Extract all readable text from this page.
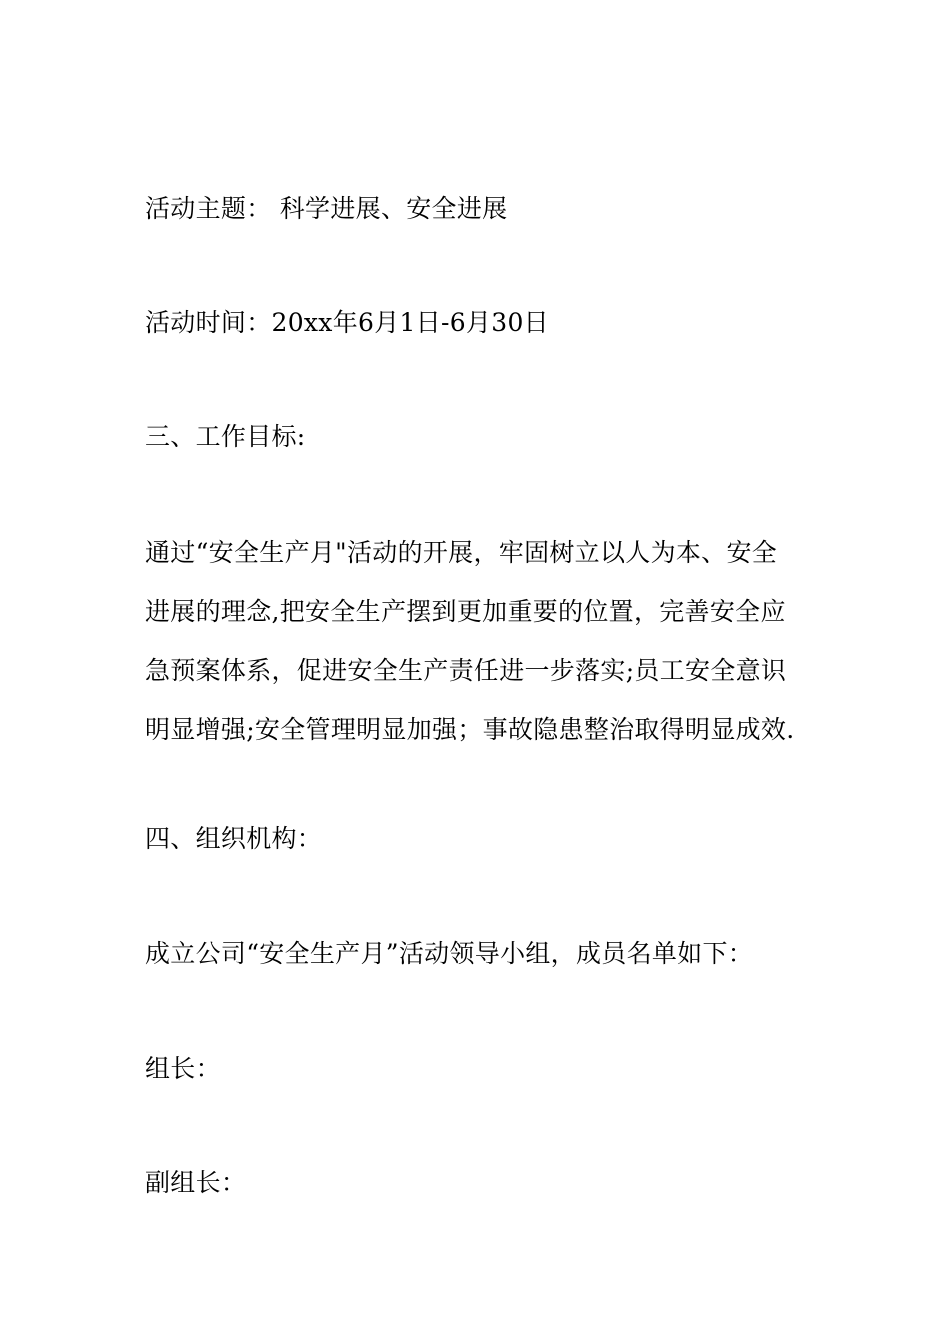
活动主题： 科学进展、安全进展
活动时间：20xx年6月1日-6月30日
三、工作目标:
通过“安全生产月"活动的开展，牢固树立以人为本、安全
进展的理念,把安全生产摆到更加重要的位置，完善安全应
急预案体系，促进安全生产责任进一步落实;员工安全意识
明显增强;安全管理明显加强；事故隐患整治取得明显成效.
四、组织机构：
成立公司“安全生产月”活动领导小组，成员名单如下：
组长：
副组长：
